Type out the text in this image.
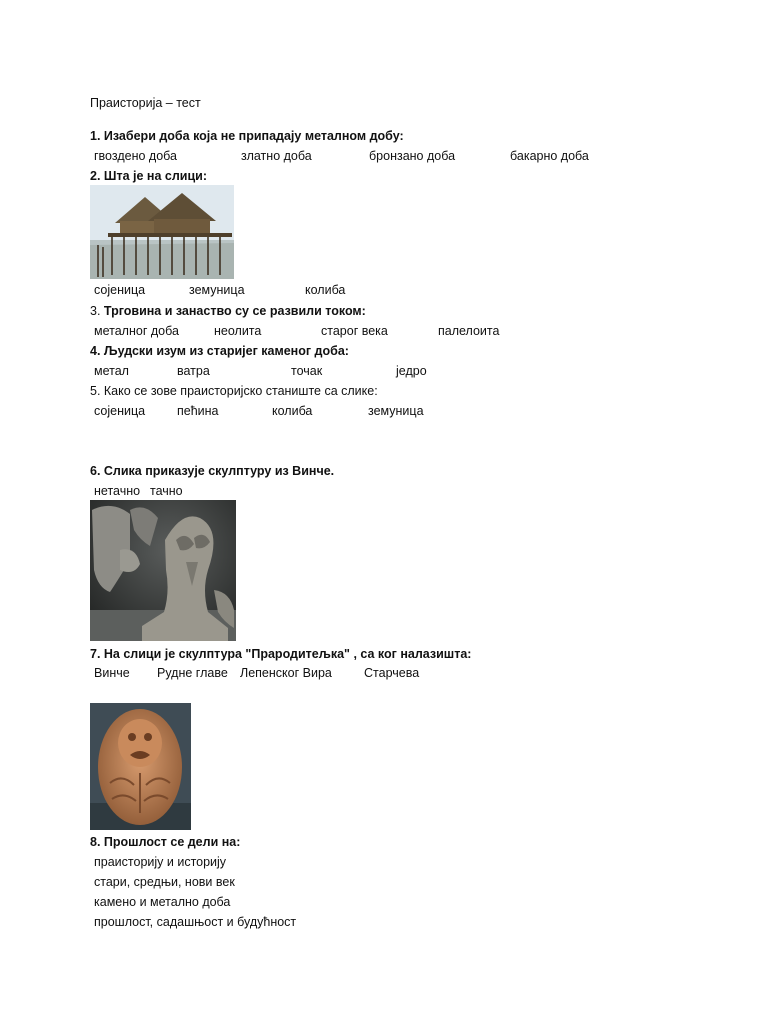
Праисторија – тест
1. Изабери доба која не припадају металном добу:
гвоздено доба	златно доба	бронзано доба	бакарно доба
2. Шта је на слици:
сојеница	земуница	колиба
3. Трговина и занаство су се развили током:
металног доба	неолита	старог века	палелоита
4. Људски изум из старијег каменог доба:
метал	ватра	точак	једро
5. Како се зове праисторијско станиште са слике:
сојеница	пећина	колиба	земуница
6. Слика приказује скулптуру из Винче.
нетачно тачно
7. На слици је скулптура "Прародитељка" , са ког налазишта:
Винче Рудне главе Лепенског Вира	Старчева
8. Прошлост се дели на:
праисторију и историју
стари, средњи, нови век
камено и метално доба
прошлост, садашњост и будућност
